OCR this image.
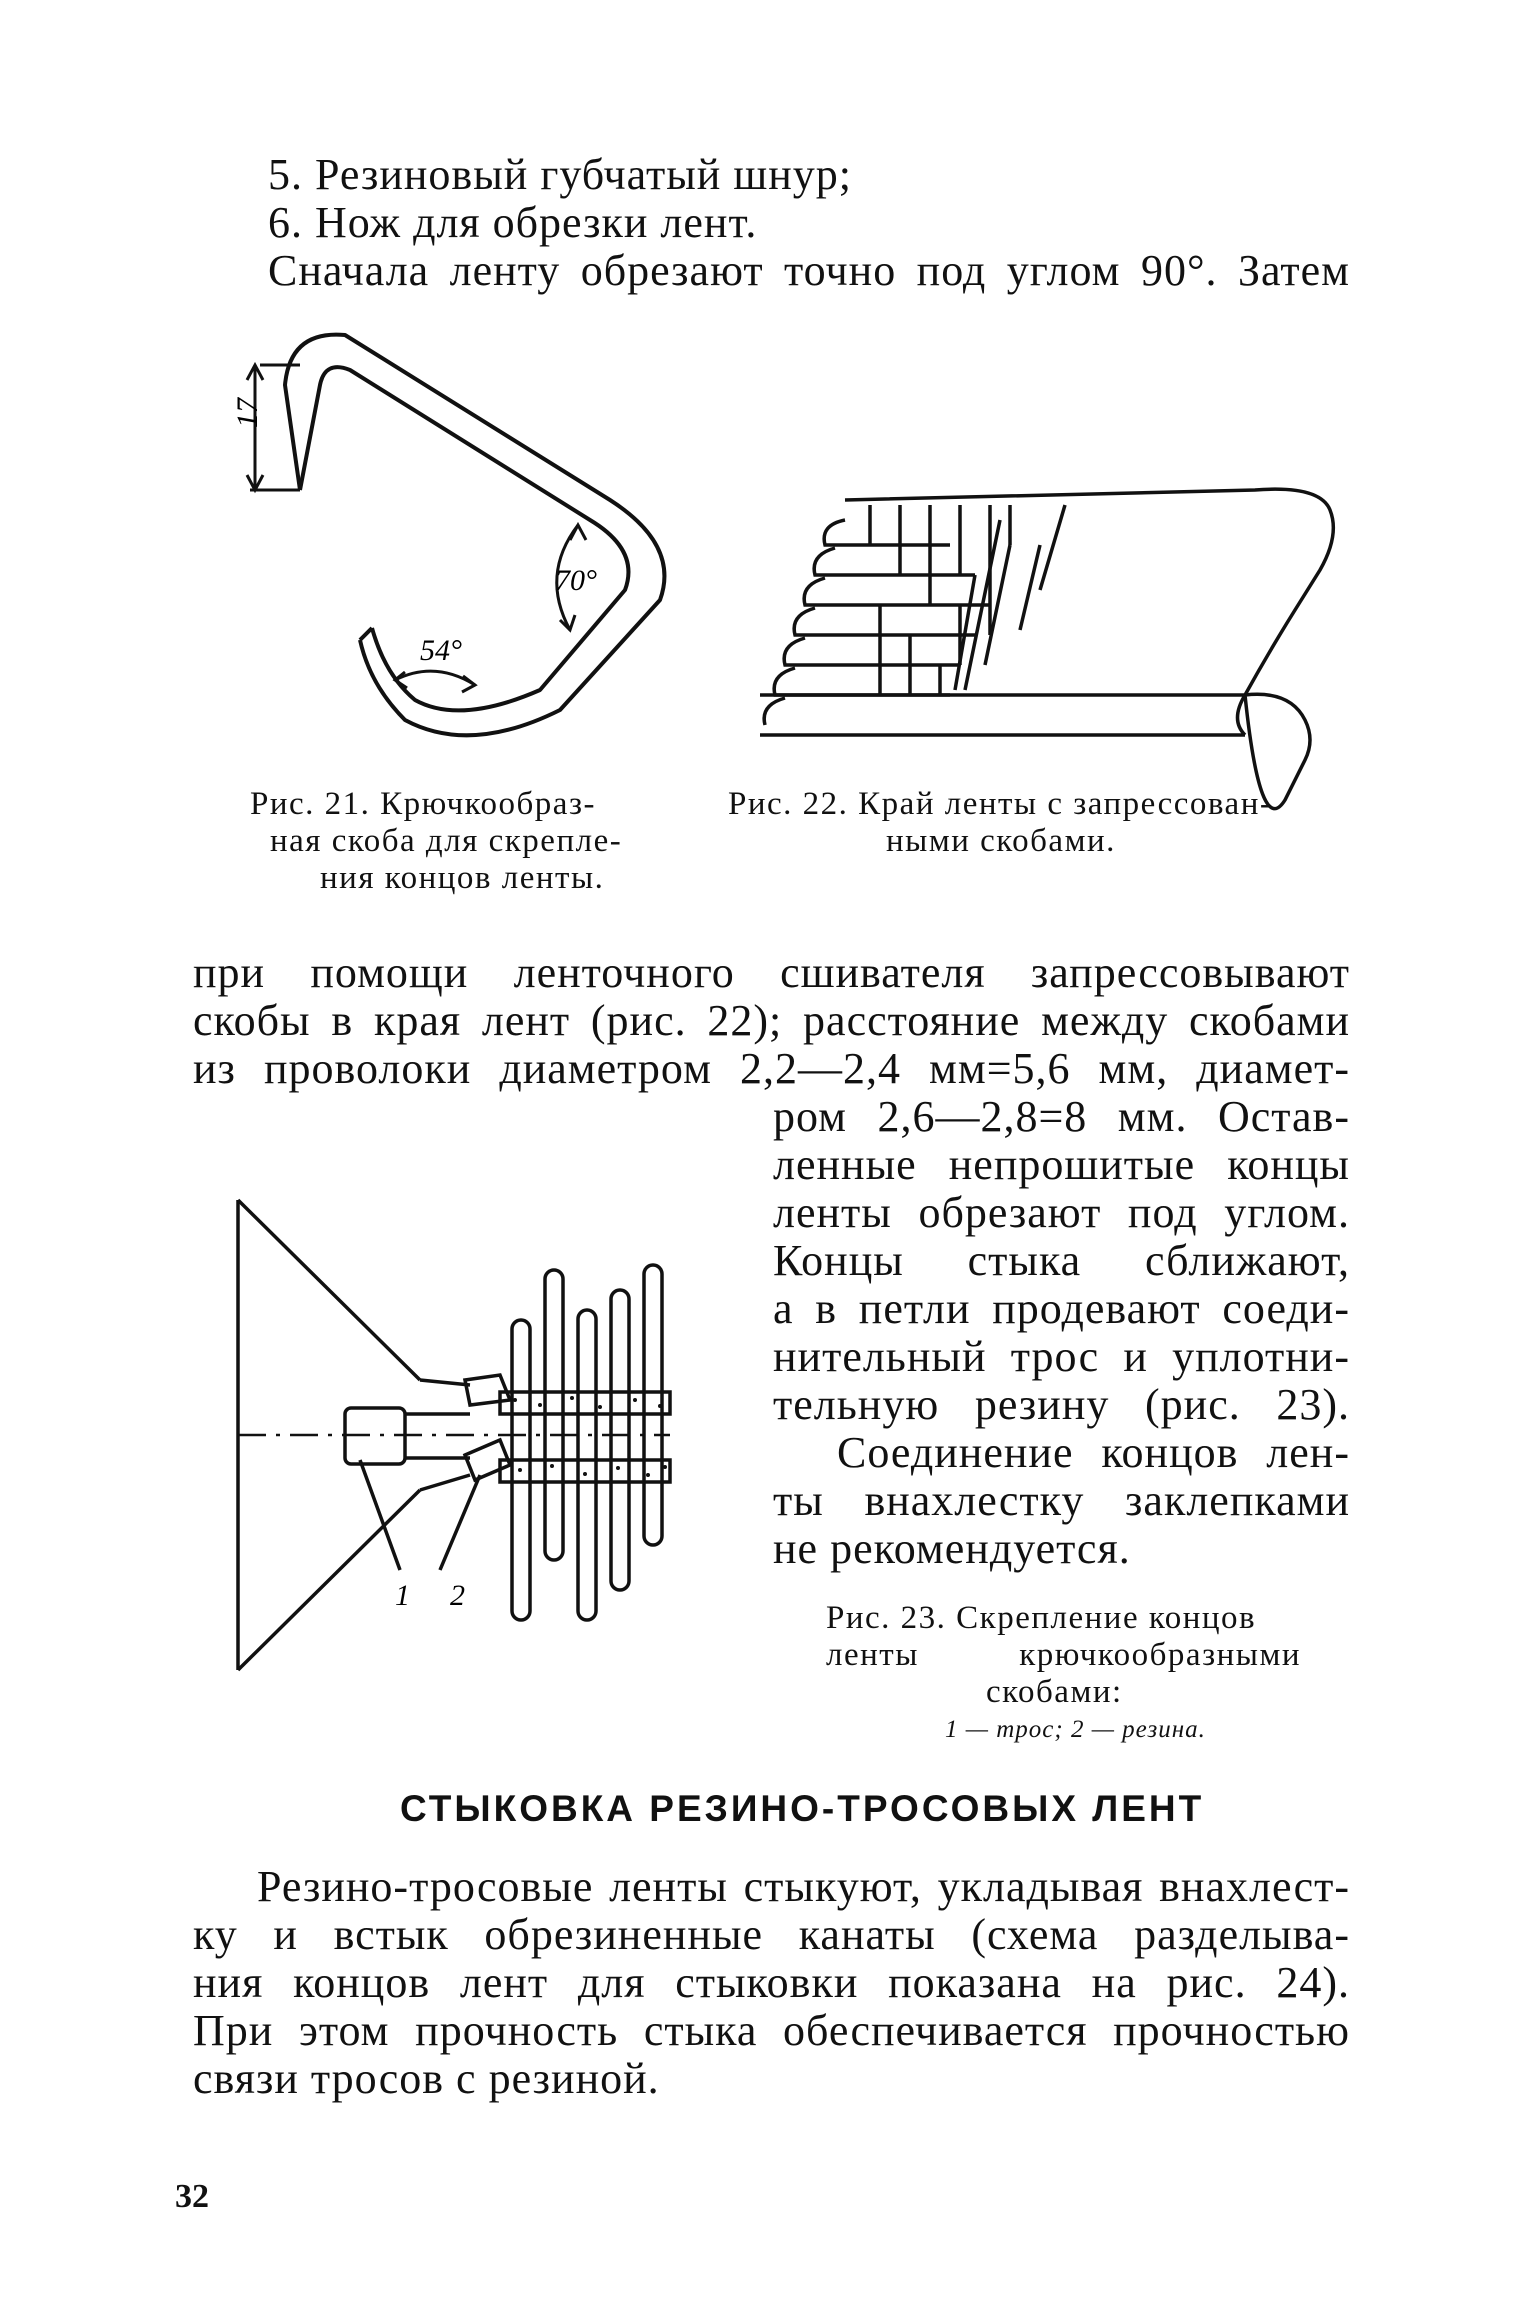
5. Резиновый губчатый шнур;
6. Нож для обрезки лент.
Сначала ленту обрезают точно под углом 90°. Затем
17
70°
54°
Рис. 21. Крючкообраз-
ная скоба для скрепле-
ния концов ленты.
Рис. 22. Край ленты с запрессован-
ными скобами.
при помощи ленточного сшивателя запрессовывают
скобы в края лент (рис. 22); расстояние между скобами
из проволоки диаметром 2,2—2,4 мм=5,6 мм, диамет-
ром 2,6—2,8=8 мм. Остав-
ленные непрошитые концы
ленты обрезают под углом.
Концы стыка сближают,
а в петли продевают соеди-
нительный трос и уплотни-
тельную резину (рис. 23).
Соединение концов лен-
ты внахлестку заклепками
не рекомендуется.
1 2
Рис. 23. Скрепление концов
ленты крючкообразными
скобами:
1 — трос; 2 — резина.
СТЫКОВКА РЕЗИНО-ТРОСОВЫХ ЛЕНТ
Резино-тросовые ленты стыкуют, укладывая внахлест-
ку и встык обрезиненные канаты (схема разделыва-
ния концов лент для стыковки показана на рис. 24).
При этом прочность стыка обеспечивается прочностью
связи тросов с резиной.
32
